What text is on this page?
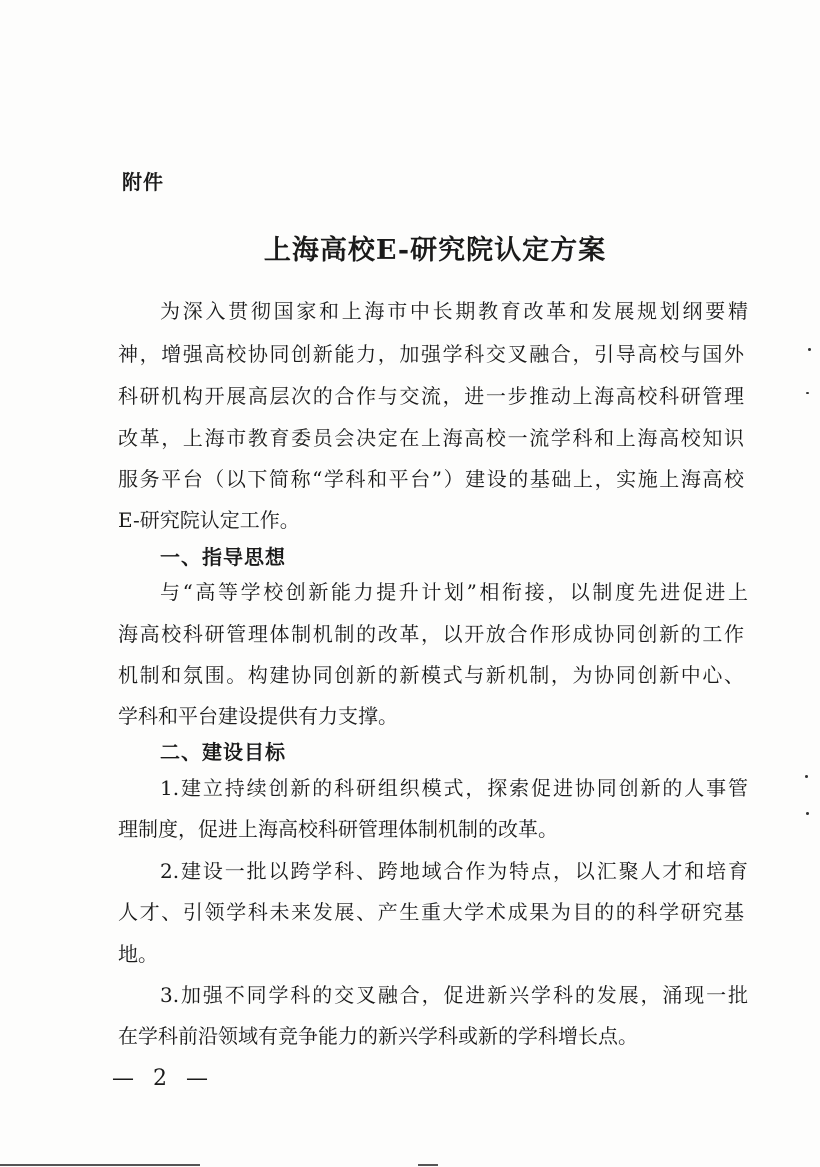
附件
上海高校E-研究院认定方案
为深入贯彻国家和上海市中长期教育改革和发展规划纲要精
神，增强高校协同创新能力，加强学科交叉融合，引导高校与国外
科研机构开展高层次的合作与交流，进一步推动上海高校科研管理
改革，上海市教育委员会决定在上海高校一流学科和上海高校知识
服务平台（以下简称“学科和平台”）建设的基础上，实施上海高校
E-研究院认定工作。
一、指导思想
与“高等学校创新能力提升计划”相衔接，以制度先进促进上
海高校科研管理体制机制的改革，以开放合作形成协同创新的工作
机制和氛围。构建协同创新的新模式与新机制，为协同创新中心、
学科和平台建设提供有力支撑。
二、建设目标
1.建立持续创新的科研组织模式，探索促进协同创新的人事管
理制度，促进上海高校科研管理体制机制的改革。
2.建设一批以跨学科、跨地域合作为特点，以汇聚人才和培育
人才、引领学科未来发展、产生重大学术成果为目的的科学研究基
地。
3.加强不同学科的交叉融合，促进新兴学科的发展，涌现一批
在学科前沿领域有竞争能力的新兴学科或新的学科增长点。
— 2 —
